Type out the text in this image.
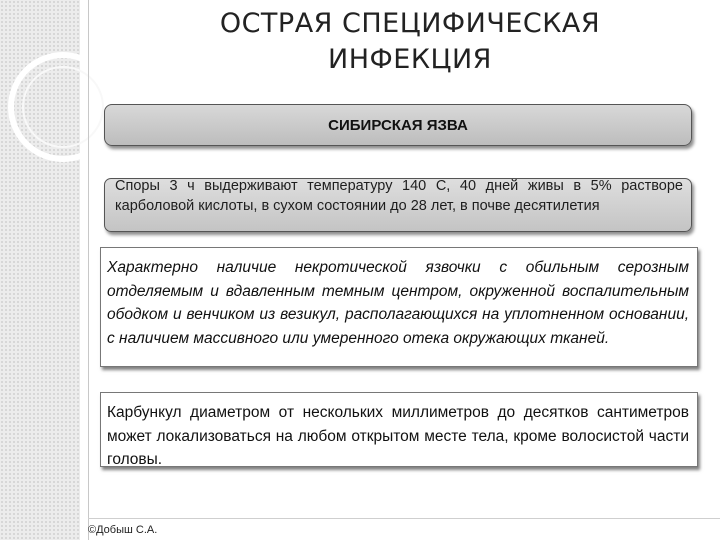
ОСТРАЯ СПЕЦИФИЧЕСКАЯ ИНФЕКЦИЯ
СИБИРСКАЯ ЯЗВА

Споры 3 ч выдерживают температуру 140 С, 40 дней живы в 5% растворе карболовой кислоты, в сухом состоянии до 28 лет, в почве десятилетия

Характерно наличие некротической язвочки с обильным серозным отделяемым и вдавленным темным центром, окруженной воспалительным ободком и венчиком из везикул, располагающихся на уплотненном основании, с наличием массивного или умеренного отека окружающих тканей.

Карбункул диаметром от нескольких миллиметров до десятков сантиметров может локализоваться на любом открытом месте тела, кроме волосистой части головы.

©Добыш С.А.
